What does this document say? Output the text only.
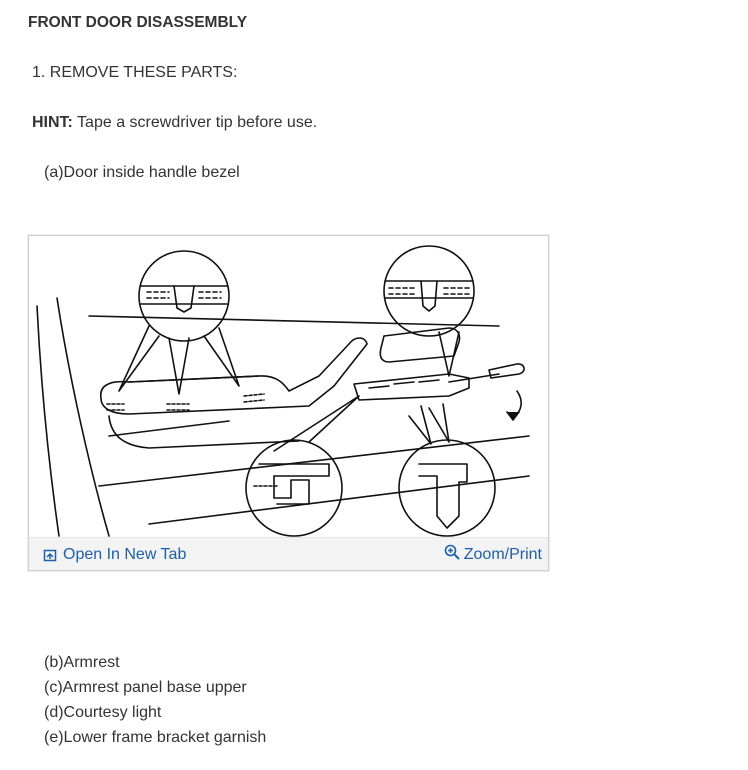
FRONT DOOR DISASSEMBLY
1. REMOVE THESE PARTS:
HINT: Tape a screwdriver tip before use.
(a)Door inside handle bezel
Open In New Tab	Zoom/Print
(b)Armrest
(c)Armrest panel base upper
(d)Courtesy light
(e)Lower frame bracket garnish
